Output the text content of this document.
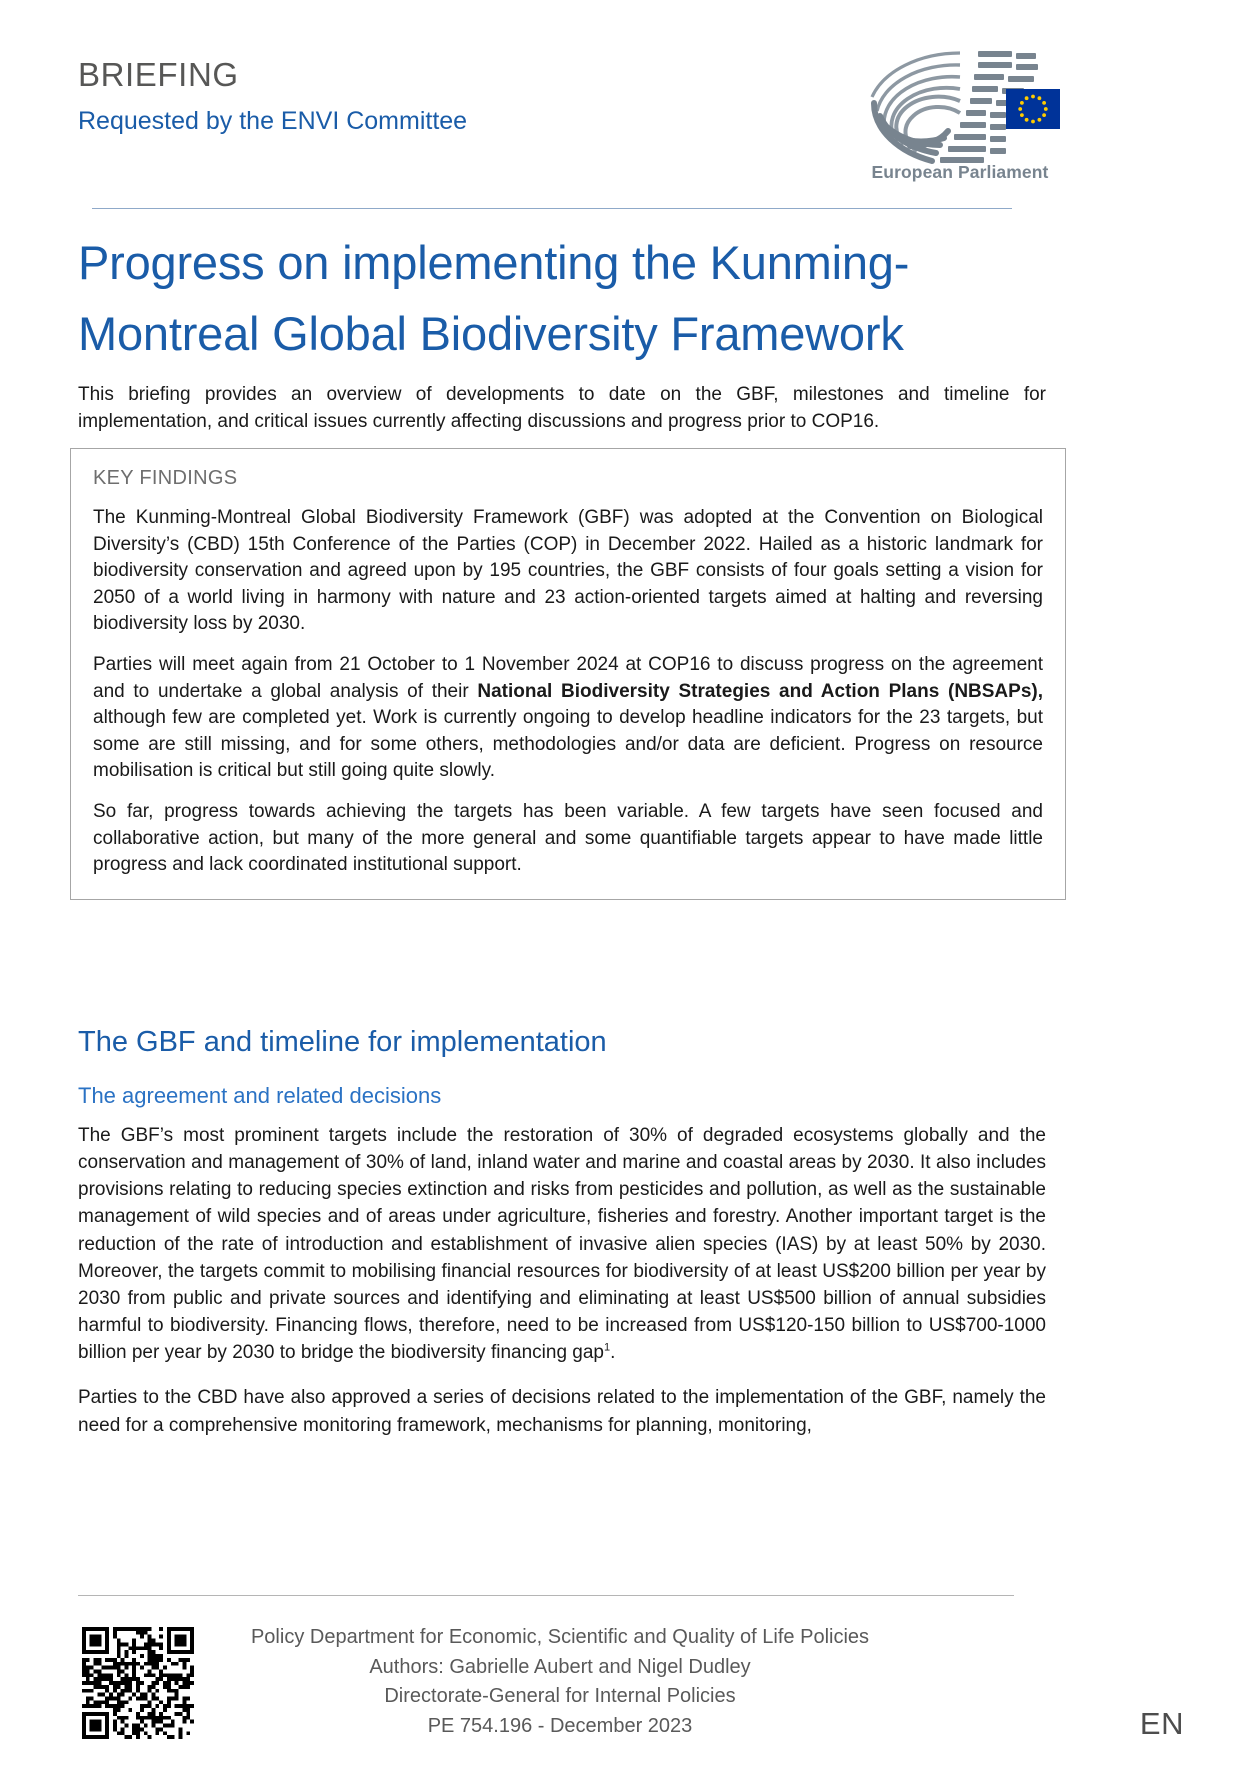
BRIEFING
Requested by the ENVI Committee
European Parliament
Progress on implementing the Kunming-Montreal Global Biodiversity Framework
This briefing provides an overview of developments to date on the GBF, milestones and timeline for implementation, and critical issues currently affecting discussions and progress prior to COP16.
KEY FINDINGS
The Kunming-Montreal Global Biodiversity Framework (GBF) was adopted at the Convention on Biological Diversity’s (CBD) 15th Conference of the Parties (COP) in December 2022. Hailed as a historic landmark for biodiversity conservation and agreed upon by 195 countries, the GBF consists of four goals setting a vision for 2050 of a world living in harmony with nature and 23 action-oriented targets aimed at halting and reversing biodiversity loss by 2030.
Parties will meet again from 21 October to 1 November 2024 at COP16 to discuss progress on the agreement and to undertake a global analysis of their National Biodiversity Strategies and Action Plans (NBSAPs), although few are completed yet. Work is currently ongoing to develop headline indicators for the 23 targets, but some are still missing, and for some others, methodologies and/or data are deficient. Progress on resource mobilisation is critical but still going quite slowly.
So far, progress towards achieving the targets has been variable. A few targets have seen focused and collaborative action, but many of the more general and some quantifiable targets appear to have made little progress and lack coordinated institutional support.
The GBF and timeline for implementation
The agreement and related decisions
The GBF’s most prominent targets include the restoration of 30% of degraded ecosystems globally and the conservation and management of 30% of land, inland water and marine and coastal areas by 2030. It also includes provisions relating to reducing species extinction and risks from pesticides and pollution, as well as the sustainable management of wild species and of areas under agriculture, fisheries and forestry. Another important target is the reduction of the rate of introduction and establishment of invasive alien species (IAS) by at least 50% by 2030. Moreover, the targets commit to mobilising financial resources for biodiversity of at least US$200 billion per year by 2030 from public and private sources and identifying and eliminating at least US$500 billion of annual subsidies harmful to biodiversity. Financing flows, therefore, need to be increased from US$120-150 billion to US$700-1000 billion per year by 2030 to bridge the biodiversity financing gap$^1$.
Parties to the CBD have also approved a series of decisions related to the implementation of the GBF, namely the need for a comprehensive monitoring framework, mechanisms for planning, monitoring,
Policy Department for Economic, Scientific and Quality of Life Policies
Authors: Gabrielle Aubert and Nigel Dudley
Directorate-General for Internal Policies
PE 754.196 - December 2023	EN
